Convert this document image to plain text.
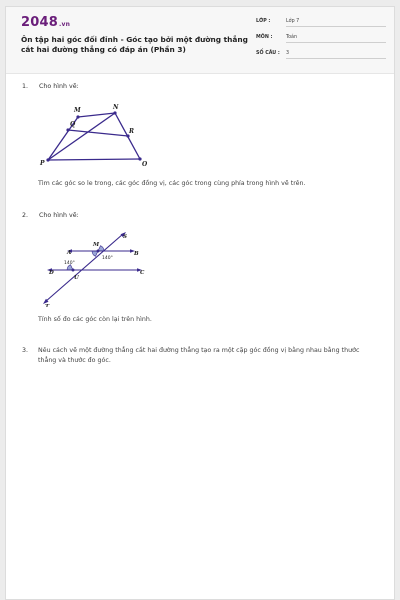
2048.vn
Ôn tập hai góc đối đỉnh - Góc tạo bởi một đường thẳng cắt hai đường thẳng có đáp án (Phần 3)
LỚP :	Lớp 7
MÔN :	Toán
SỐ CÂU : 3
1. Cho hình vẽ:
M	N
Q
R
P	O
Tìm các góc so le trong, các góc đồng vị, các góc trong cùng phía trong hình vẽ trên.
2. Cho hình vẽ:
S
A
M
B
D
U
C
T
140°
140°
Tính số đo các góc còn lại trên hình.
3. Nêu cách vẽ một đường thẳng cắt hai đường thẳng tạo ra một cặp góc đồng vị bằng nhau bằng thước thẳng và thước đo góc.
